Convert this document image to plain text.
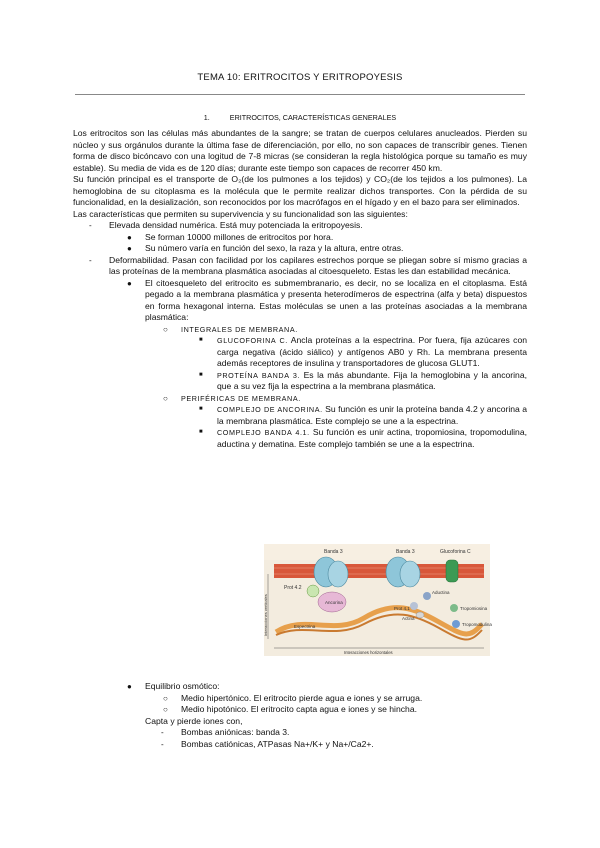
TEMA 10: ERITROCITOS Y ERITROPOYESIS
1.	ERITROCITOS, CARACTERÍSTICAS GENERALES

Los eritrocitos son las células más abundantes de la sangre; se tratan de cuerpos celulares anucleados. Pierden su núcleo y sus orgánulos durante la última fase de diferenciación, por ello, no son capaces de transcribir genes. Tienen forma de disco bicóncavo con una logitud de 7-8 micras (se consideran la regla histológica porque su tamaño es muy estable). Su media de vida es de 120 días; durante este tiempo son capaces de recorrer 450 km.

Su función principal es el transporte de O₂(de los pulmones a los tejidos) y CO₂(de los tejidos a los pulmones). La hemoglobina de su citoplasma es la molécula que le permite realizar dichos transportes. Con la pérdida de su funcionalidad, en la desialización, son reconocidos por los macrófagos en el hígado y en el bazo para ser eliminados.

Las características que permiten su supervivencia y su funcionalidad son las siguientes:

- Elevada densidad numérica. Está muy potenciada la eritropoyesis.
● Se forman 10000 millones de eritrocitos por hora.
● Su número varía en función del sexo, la raza y la altura, entre otras.
- Deformabilidad. Pasan con facilidad por los capilares estrechos porque se pliegan sobre sí mismo gracias a las proteínas de la membrana plasmática asociadas al citoesqueleto. Estas les dan estabilidad mecánica.
● El citoesqueleto del eritrocito es submembranario, es decir, no se localiza en el citoplasma. Está pegado a la membrana plasmática y presenta heterodímeros de espectrina (alfa y beta) dispuestos en forma hexagonal interna. Estas moléculas se unen a las proteínas asociadas a la membrana plasmática:
○ INTEGRALES DE MEMBRANA.
■ GLUCOFORINA C. Ancla proteínas a la espectrina. Por fuera, fija azúcares con carga negativa (ácido siálico) y antígenos AB0 y Rh. La membrana presenta además receptores de insulina y transportadores de glucosa GLUT1.
■ PROTEÍNA BANDA 3. Es la más abundante. Fija la hemoglobina y la ancorina, que a su vez fija la espectrina a la membrana plasmática.
○ PERIFÉRICAS DE MEMBRANA.
■ COMPLEJO DE ANCORINA. Su función es unir la proteína banda 4.2 y ancorina a la membrana plasmática. Este complejo se une a la espectrina.
■ COMPLEJO BANDA 4.1. Su función es unir actina, tropomiosina, tropomodulina, aductina y dematina. Este complejo también se une a la espectrina.
Banda 3
Prot 4.2
Ancorina
Banda 3	Glucoforina C
Espectrina
Aductina
Prot 4.1
Actina
Tropomiosina
Tropomodulina
Interacciones verticales
Interacciones horizontales
● Equilibrio osmótico:
○ Medio hipertónico. El eritrocito pierde agua e iones y se arruga.
○ Medio hipotónico. El eritrocito capta agua e iones y se hincha.
Capta y pierde iones con,
- Bombas aniónicas: banda 3.
- Bombas catiónicas, ATPasas Na+/K+ y Na+/Ca2+.
